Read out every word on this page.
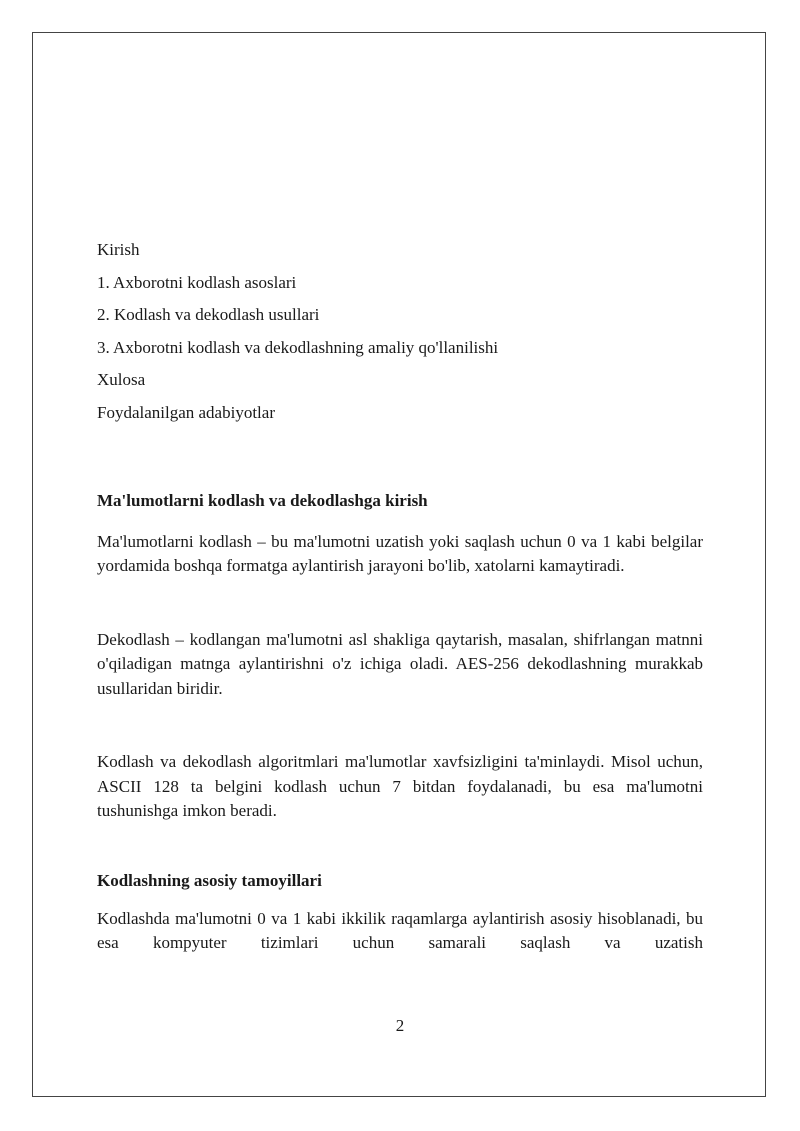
Kirish
1. Axborotni kodlash asoslari
2. Kodlash va dekodlash usullari
3. Axborotni kodlash va dekodlashning amaliy qo'llanilishi
Xulosa
Foydalanilgan adabiyotlar
Ma'lumotlarni kodlash va dekodlashga kirish

Ma'lumotlarni kodlash – bu ma'lumotni uzatish yoki saqlash uchun 0 va 1 kabi belgilar yordamida boshqa formatga aylantirish jarayoni bo'lib, xatolarni kamaytiradi.

Dekodlash – kodlangan ma'lumotni asl shakliga qaytarish, masalan, shifrlangan matnni o'qiladigan matnga aylantirishni o'z ichiga oladi. AES-256 dekodlashning murakkab usullaridan biridir.

Kodlash va dekodlash algoritmlari ma'lumotlar xavfsizligini ta'minlaydi. Misol uchun, ASCII 128 ta belgini kodlash uchun 7 bitdan foydalanadi, bu esa ma'lumotni tushunishga imkon beradi.

Kodlashning asosiy tamoyillari

Kodlashda ma'lumotni 0 va 1 kabi ikkilik raqamlarga aylantirish asosiy hisoblanadi, bu esa kompyuter tizimlari uchun samarali saqlash va uzatish

2
